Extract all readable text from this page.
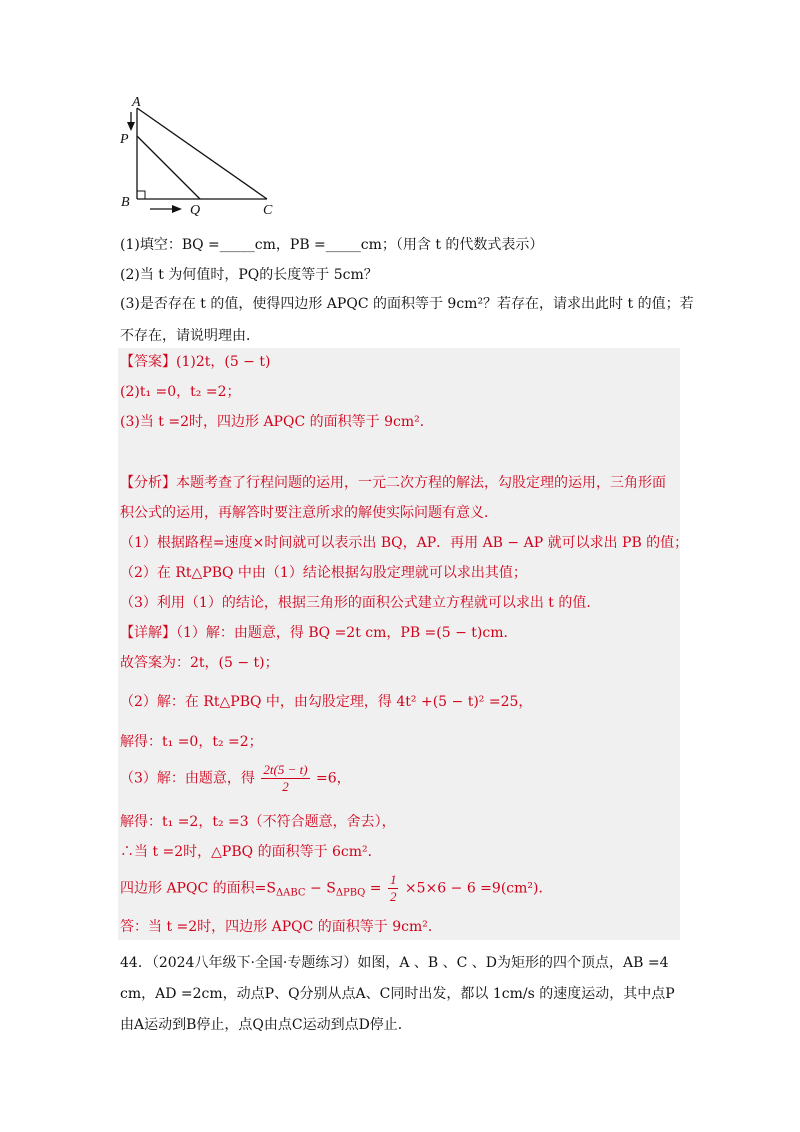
A
P
B
Q	C
(1)填空：BQ =_____cm，PB =_____cm；（用含 t 的代数式表示）
(2)当 t 为何值时，PQ的长度等于 5cm？
(3)是否存在 t 的值，使得四边形 APQC 的面积等于 9cm²？若存在，请求出此时 t 的值；若
不存在，请说明理由．
【答案】(1)2t，(5 − t)
(2)t₁ =0，t₂ =2；
(3)当 t =2时，四边形 APQC 的面积等于 9cm²．
【分析】本题考查了行程问题的运用，一元二次方程的解法，勾股定理的运用，三角形面
积公式的运用，再解答时要注意所求的解使实际问题有意义．
（1）根据路程=速度×时间就可以表示出 BQ，AP．再用 AB − AP 就可以求出 PB 的值；
（2）在 Rt△PBQ 中由（1）结论根据勾股定理就可以求出其值；
（3）利用（1）的结论，根据三角形的面积公式建立方程就可以求出 t 的值．
【详解】（1）解：由题意，得 BQ =2t cm，PB =(5 − t)cm．
故答案为：2t，(5 − t)；
（2）解：在 Rt△PBQ 中，由勾股定理，得 4t² +(5 − t)² =25，
解得：t₁ =0，t₂ =2；
（3）解：由题意，得 $\frac{2t(5 - t)}{2} =6$，
解得：t₁ =2，t₂ =3（不符合题意，舍去），
∴当 t =2时，△PBQ 的面积等于 6cm²．
四边形 APQC 的面积$=S_{\Delta ABC} - S_{\Delta PBQ} = \frac{1}{2} \times 5\times 6 - 6 =9(cm^2)$．
答：当 t =2时，四边形 APQC 的面积等于 9cm²．
44．（2024八年级下·全国·专题练习）如图，A 、B 、C 、D为矩形的四个顶点，AB =4
cm，AD =2cm，动点P、Q分别从点A、C同时出发，都以 1cm/s 的速度运动，其中点P
由A运动到B停止，点Q由点C运动到点D停止．
